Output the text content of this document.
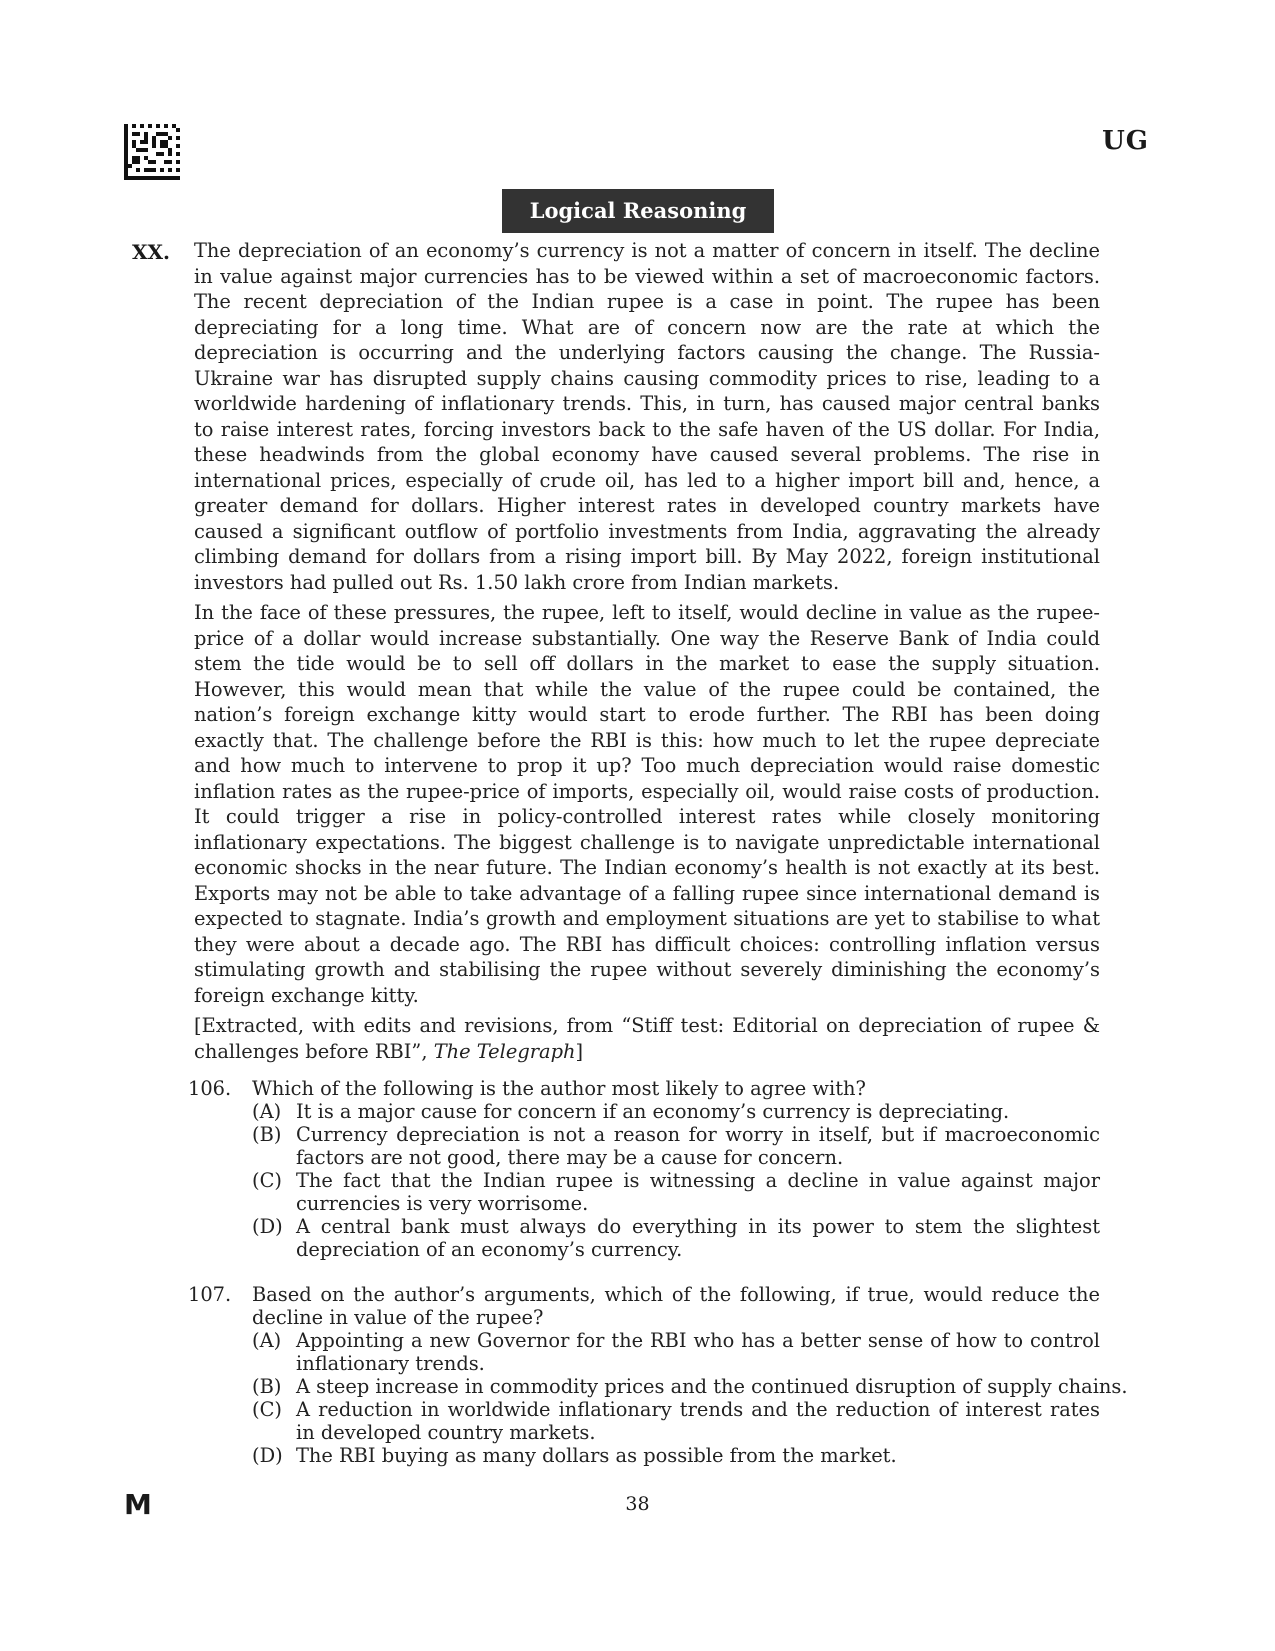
UG
Logical Reasoning
XX. The depreciation of an economy’s currency is not a matter of concern in itself. The decline in value against major currencies has to be viewed within a set of macroeconomic factors. The recent depreciation of the Indian rupee is a case in point. The rupee has been depreciating for a long time. What are of concern now are the rate at which the depreciation is occurring and the underlying factors causing the change. The Russia-Ukraine war has disrupted supply chains causing commodity prices to rise, leading to a worldwide hardening of inflationary trends. This, in turn, has caused major central banks to raise interest rates, forcing investors back to the safe haven of the US dollar. For India, these headwinds from the global economy have caused several problems. The rise in international prices, especially of crude oil, has led to a higher import bill and, hence, a greater demand for dollars. Higher interest rates in developed country markets have caused a significant outflow of portfolio investments from India, aggravating the already climbing demand for dollars from a rising import bill. By May 2022, foreign institutional investors had pulled out Rs. 1.50 lakh crore from Indian markets.

In the face of these pressures, the rupee, left to itself, would decline in value as the rupee-price of a dollar would increase substantially. One way the Reserve Bank of India could stem the tide would be to sell off dollars in the market to ease the supply situation. However, this would mean that while the value of the rupee could be contained, the nation’s foreign exchange kitty would start to erode further. The RBI has been doing exactly that. The challenge before the RBI is this: how much to let the rupee depreciate and how much to intervene to prop it up? Too much depreciation would raise domestic inflation rates as the rupee-price of imports, especially oil, would raise costs of production. It could trigger a rise in policy-controlled interest rates while closely monitoring inflationary expectations. The biggest challenge is to navigate unpredictable international economic shocks in the near future. The Indian economy’s health is not exactly at its best. Exports may not be able to take advantage of a falling rupee since international demand is expected to stagnate. India’s growth and employment situations are yet to stabilise to what they were about a decade ago. The RBI has difficult choices: controlling inflation versus stimulating growth and stabilising the rupee without severely diminishing the economy’s foreign exchange kitty.

[Extracted, with edits and revisions, from “Stiff test: Editorial on depreciation of rupee & challenges before RBI”, The Telegraph]

106.	Which of the following is the author most likely to agree with?
(A) It is a major cause for concern if an economy’s currency is depreciating.
(B) Currency depreciation is not a reason for worry in itself, but if macroeconomic factors are not good, there may be a cause for concern.
(C) The fact that the Indian rupee is witnessing a decline in value against major currencies is very worrisome.
(D) A central bank must always do everything in its power to stem the slightest depreciation of an economy’s currency.
107.	Based on the author’s arguments, which of the following, if true, would reduce the decline in value of the rupee?
(A) Appointing a new Governor for the RBI who has a better sense of how to control inflationary trends.
(B) A steep increase in commodity prices and the continued disruption of supply chains.
(C) A reduction in worldwide inflationary trends and the reduction of interest rates in developed country markets.
(D) The RBI buying as many dollars as possible from the market.
M	38
